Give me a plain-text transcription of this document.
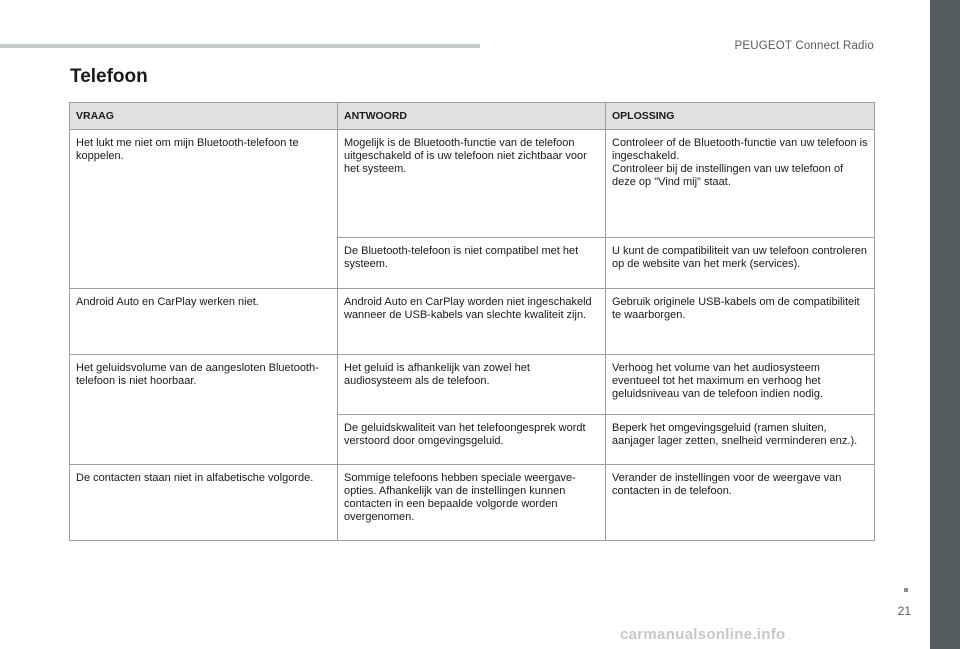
PEUGEOT Connect Radio
Telefoon
VRAAG	ANTWOORD	OPLOSSING

Het lukt me niet om mijn Bluetooth-telefoon te koppelen.	Mogelijk is de Bluetooth-functie van de telefoon uitgeschakeld of is uw telefoon niet zichtbaar voor het systeem.	Controleer of de Bluetooth-functie van uw telefoon is ingeschakeld.
Controleer bij de instellingen van uw telefoon of deze op "Vind mij" staat.

	De Bluetooth-telefoon is niet compatibel met het systeem.	U kunt de compatibiliteit van uw telefoon controleren op de website van het merk (services).

Android Auto en CarPlay werken niet.	Android Auto en CarPlay worden niet ingeschakeld wanneer de USB-kabels van slechte kwaliteit zijn.	Gebruik originele USB-kabels om de compatibiliteit te waarborgen.

Het geluidsvolume van de aangesloten Bluetooth-telefoon is niet hoorbaar.	Het geluid is afhankelijk van zowel het audiosysteem als de telefoon.	Verhoog het volume van het audiosysteem eventueel tot het maximum en verhoog het geluidsniveau van de telefoon indien nodig.

	De geluidskwaliteit van het telefoongesprek wordt verstoord door omgevingsgeluid.	Beperk het omgevingsgeluid (ramen sluiten, aanjager lager zetten, snelheid verminderen enz.).

De contacten staan niet in alfabetische volgorde.	Sommige telefoons hebben speciale weergave-opties. Afhankelijk van de instellingen kunnen contacten in een bepaalde volgorde worden overgenomen.	Verander de instellingen voor de weergave van contacten in de telefoon.
21
carmanualsonline.info
